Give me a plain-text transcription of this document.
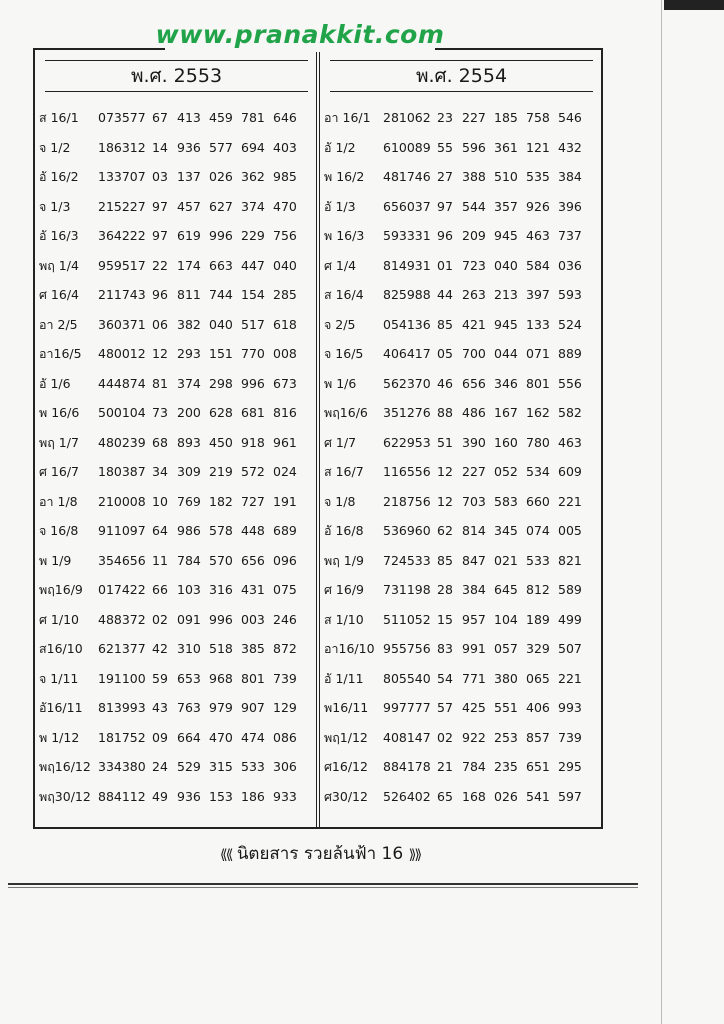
พ.ศ. 2553
ส 16/1	073577 67 413 459 781 646
จ 1/2	186312 14 936 577 694 403
อั 16/2	133707 03 137 026 362 985
จ 1/3	215227 97 457 627 374 470
อั 16/3	364222 97 619 996 229 756
พฤ 1/4	959517 22 174 663 447 040
ศ 16/4	211743 96 811 744 154 285
อา 2/5	360371 06 382 040 517 618
อา16/5	480012 12 293 151 770 008
อั 1/6	444874 81 374 298 996 673
พ 16/6	500104 73 200 628 681 816
พฤ 1/7	480239 68 893 450 918 961
ศ 16/7	180387 34 309 219 572 024
อา 1/8	210008 10 769 182 727 191
จ 16/8	911097 64 986 578 448 689
พ 1/9	354656 11 784 570 656 096
พฤ16/9	017422 66 103 316 431 075
ศ 1/10	488372 02 091 996 003 246
ส16/10	621377 42 310 518 385 872
จ 1/11	191100 59 653 968 801 739
อั16/11	813993 43 763 979 907 129
พ 1/12	181752 09 664 470 474 086
พฤ16/12 334380 24 529 315 533 306
พฤ30/12 884112 49 936 153 186 933
พ.ศ. 2554
อา 16/1 281062 23 227 185 758 546
อั 1/2	610089 55 596 361 121 432
พ 16/2	481746 27 388 510 535 384
อั 1/3	656037 97 544 357 926 396
พ 16/3	593331 96 209 945 463 737
ศ 1/4	814931 01 723 040 584 036
ส 16/4	825988 44 263 213 397 593
จ 2/5	054136 85 421 945 133 524
จ 16/5	406417 05 700 044 071 889
พ 1/6	562370 46 656 346 801 556
พฤ16/6	351276 88 486 167 162 582
ศ 1/7	622953 51 390 160 780 463
ส 16/7	116556 12 227 052 534 609
จ 1/8	218756 12 703 583 660 221
อั 16/8	536960 62 814 345 074 005
พฤ 1/9	724533 85 847 021 533 821
ศ 16/9	731198 28 384 645 812 589
ส 1/10	511052 15 957 104 189 499
อา16/10 955756 83 991 057 329 507
อั 1/11	805540 54 771 380 065 221
พ16/11	997777 57 425 551 406 993
พฤ1/12	408147 02 922 253 857 739
ศ16/12	884178 21 784 235 651 295
ศ30/12	526402 65 168 026 541 597
www.pranakkit.com
⟪⟪ นิตยสาร รวยล้นฟ้า 16 ⟫⟫
